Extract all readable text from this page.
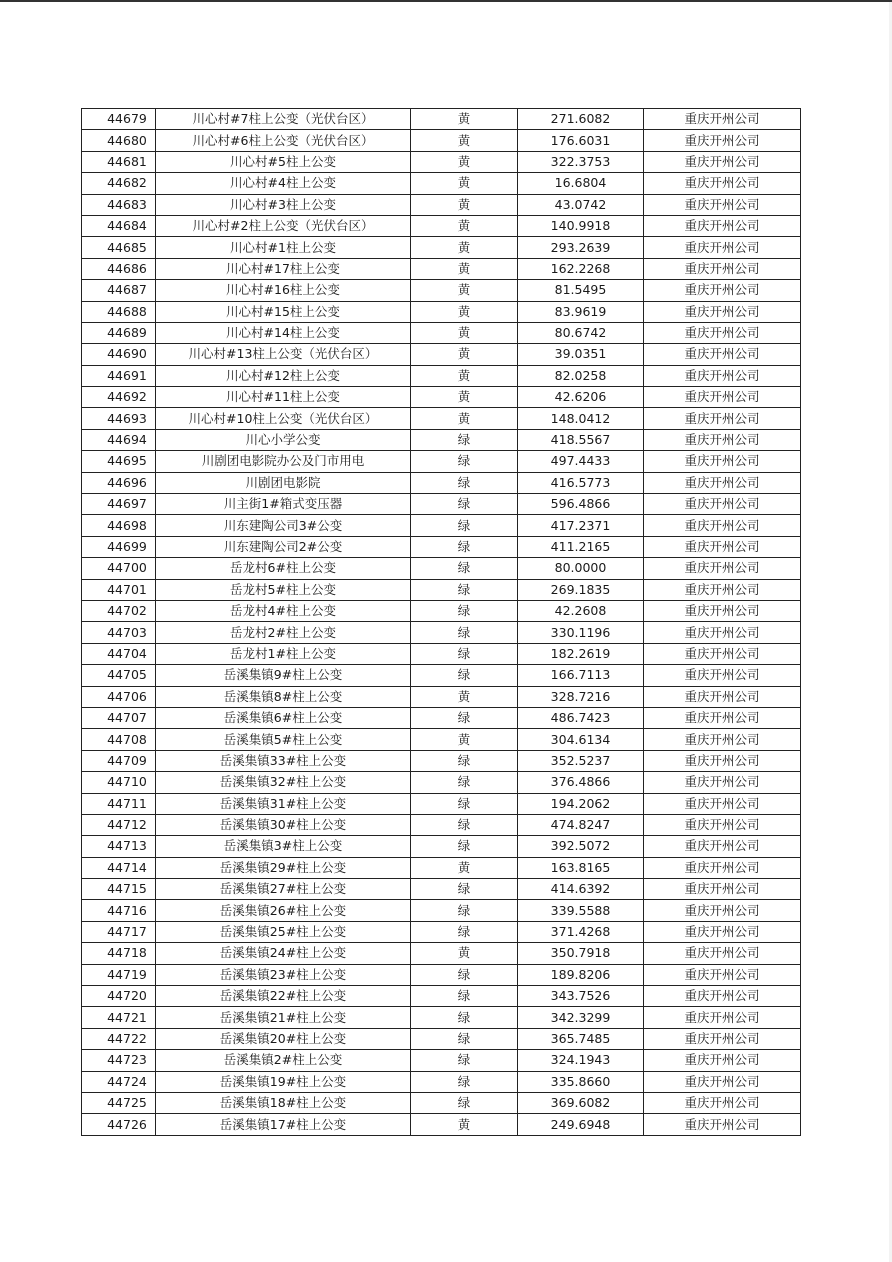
44679	川心村#7柱上公变（光伏台区）	黄	271.6082	重庆开州公司
44680	川心村#6柱上公变（光伏台区）	黄	176.6031	重庆开州公司
44681	川心村#5柱上公变	黄	322.3753	重庆开州公司
44682	川心村#4柱上公变	黄	16.6804	重庆开州公司
44683	川心村#3柱上公变	黄	43.0742	重庆开州公司
44684	川心村#2柱上公变（光伏台区）	黄	140.9918	重庆开州公司
44685	川心村#1柱上公变	黄	293.2639	重庆开州公司
44686	川心村#17柱上公变	黄	162.2268	重庆开州公司
44687	川心村#16柱上公变	黄	81.5495	重庆开州公司
44688	川心村#15柱上公变	黄	83.9619	重庆开州公司
44689	川心村#14柱上公变	黄	80.6742	重庆开州公司
44690	川心村#13柱上公变（光伏台区）	黄	39.0351	重庆开州公司
44691	川心村#12柱上公变	黄	82.0258	重庆开州公司
44692	川心村#11柱上公变	黄	42.6206	重庆开州公司
44693	川心村#10柱上公变（光伏台区）	黄	148.0412	重庆开州公司
44694	川心小学公变	绿	418.5567	重庆开州公司
44695	川剧团电影院办公及门市用电	绿	497.4433	重庆开州公司
44696	川剧团电影院	绿	416.5773	重庆开州公司
44697	川主街1#箱式变压器	绿	596.4866	重庆开州公司
44698	川东建陶公司3#公变	绿	417.2371	重庆开州公司
44699	川东建陶公司2#公变	绿	411.2165	重庆开州公司
44700	岳龙村6#柱上公变	绿	80.0000	重庆开州公司
44701	岳龙村5#柱上公变	绿	269.1835	重庆开州公司
44702	岳龙村4#柱上公变	绿	42.2608	重庆开州公司
44703	岳龙村2#柱上公变	绿	330.1196	重庆开州公司
44704	岳龙村1#柱上公变	绿	182.2619	重庆开州公司
44705	岳溪集镇9#柱上公变	绿	166.7113	重庆开州公司
44706	岳溪集镇8#柱上公变	黄	328.7216	重庆开州公司
44707	岳溪集镇6#柱上公变	绿	486.7423	重庆开州公司
44708	岳溪集镇5#柱上公变	黄	304.6134	重庆开州公司
44709	岳溪集镇33#柱上公变	绿	352.5237	重庆开州公司
44710	岳溪集镇32#柱上公变	绿	376.4866	重庆开州公司
44711	岳溪集镇31#柱上公变	绿	194.2062	重庆开州公司
44712	岳溪集镇30#柱上公变	绿	474.8247	重庆开州公司
44713	岳溪集镇3#柱上公变	绿	392.5072	重庆开州公司
44714	岳溪集镇29#柱上公变	黄	163.8165	重庆开州公司
44715	岳溪集镇27#柱上公变	绿	414.6392	重庆开州公司
44716	岳溪集镇26#柱上公变	绿	339.5588	重庆开州公司
44717	岳溪集镇25#柱上公变	绿	371.4268	重庆开州公司
44718	岳溪集镇24#柱上公变	黄	350.7918	重庆开州公司
44719	岳溪集镇23#柱上公变	绿	189.8206	重庆开州公司
44720	岳溪集镇22#柱上公变	绿	343.7526	重庆开州公司
44721	岳溪集镇21#柱上公变	绿	342.3299	重庆开州公司
44722	岳溪集镇20#柱上公变	绿	365.7485	重庆开州公司
44723	岳溪集镇2#柱上公变	绿	324.1943	重庆开州公司
44724	岳溪集镇19#柱上公变	绿	335.8660	重庆开州公司
44725	岳溪集镇18#柱上公变	绿	369.6082	重庆开州公司
44726	岳溪集镇17#柱上公变	黄	249.6948	重庆开州公司
